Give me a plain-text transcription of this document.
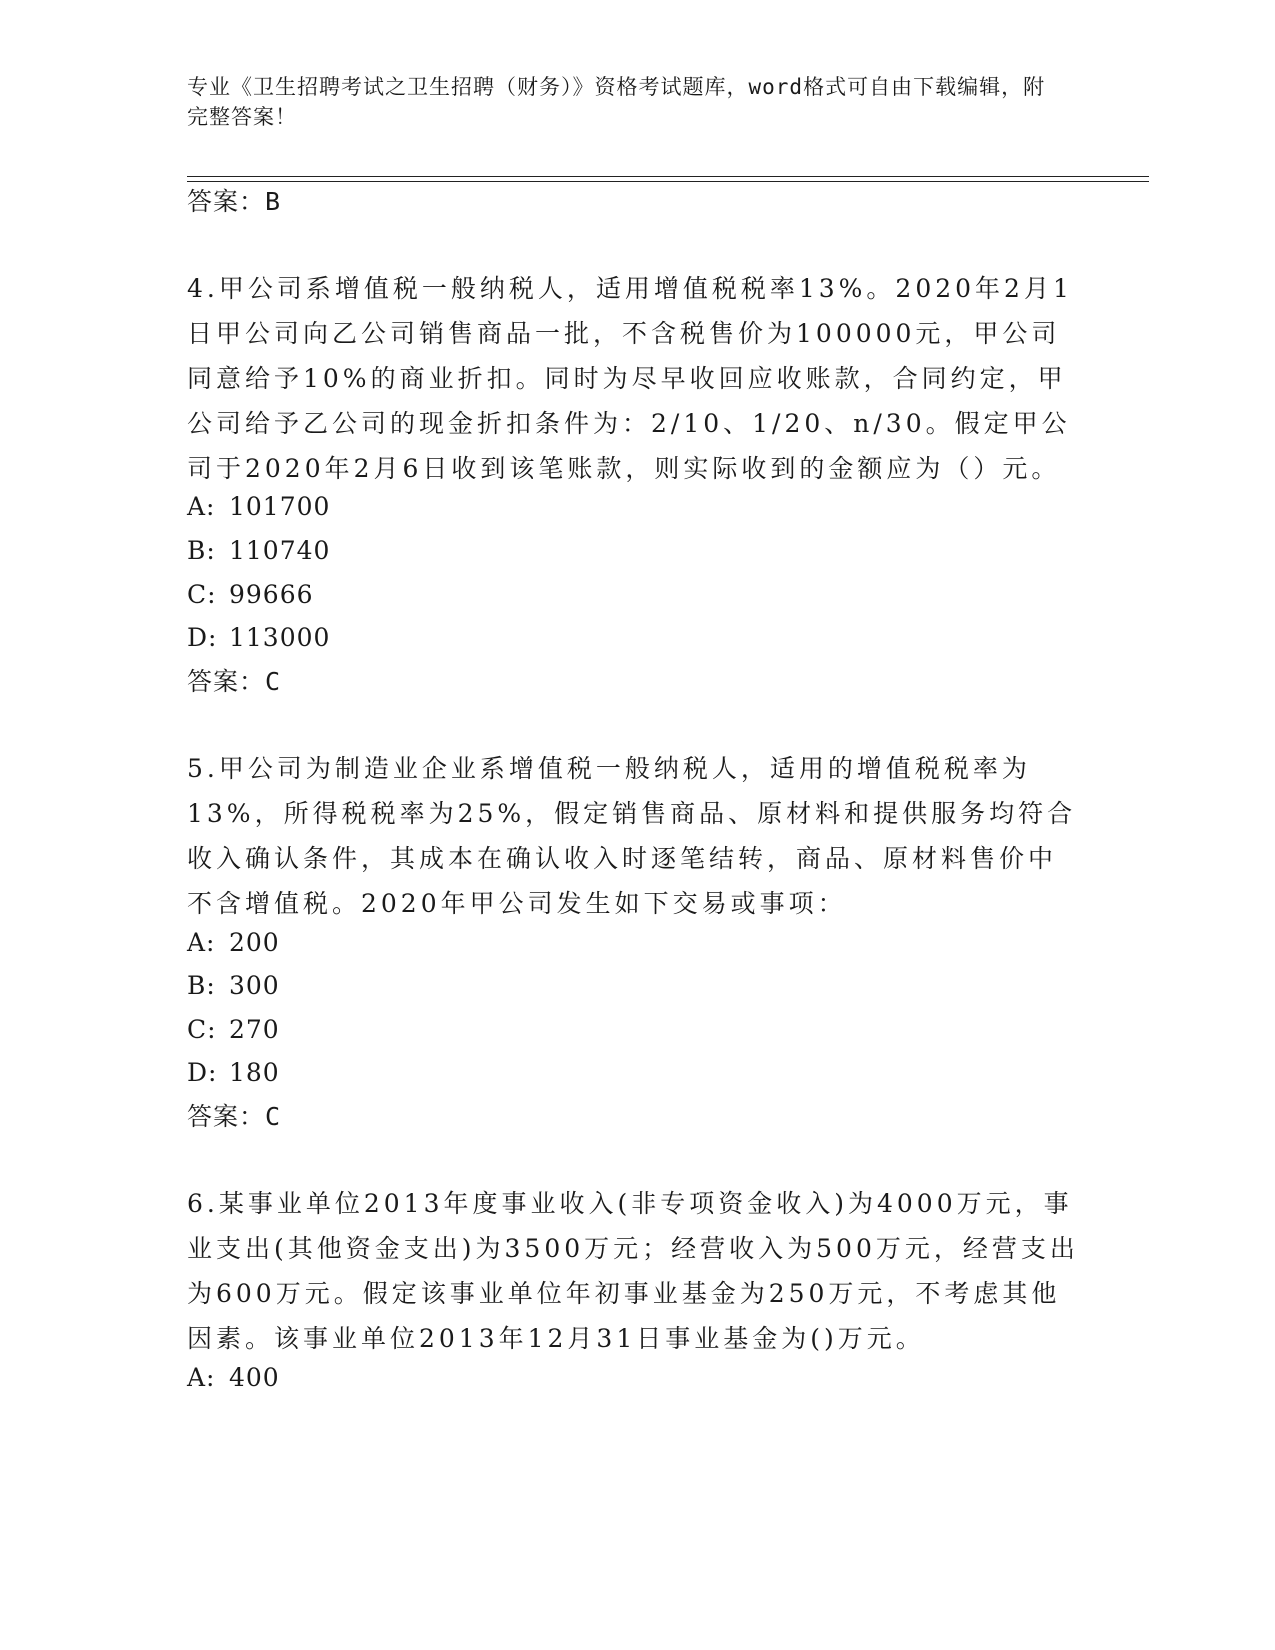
专业《卫生招聘考试之卫生招聘（财务）》资格考试题库，word格式可自由下载编辑，附完整答案！
答案：B
4.甲公司系增值税一般纳税人，适用增值税税率13%。2020年2月1日甲公司向乙公司销售商品一批，不含税售价为100000元，甲公司同意给予10%的商业折扣。同时为尽早收回应收账款，合同约定，甲公司给予乙公司的现金折扣条件为：2/10、1/20、n/30。假定甲公司于2020年2月6日收到该笔账款，则实际收到的金额应为（）元。
A: 101700
B: 110740
C: 99666
D: 113000
答案：C
5.甲公司为制造业企业系增值税一般纳税人，适用的增值税税率为13%，所得税税率为25%，假定销售商品、原材料和提供服务均符合收入确认条件，其成本在确认收入时逐笔结转，商品、原材料售价中不含增值税。2020年甲公司发生如下交易或事项：
A: 200
B: 300
C: 270
D: 180
答案：C
6.某事业单位2013年度事业收入(非专项资金收入)为4000万元，事业支出(其他资金支出)为3500万元；经营收入为500万元，经营支出为600万元。假定该事业单位年初事业基金为250万元，不考虑其他因素。该事业单位2013年12月31日事业基金为()万元。
A: 400
